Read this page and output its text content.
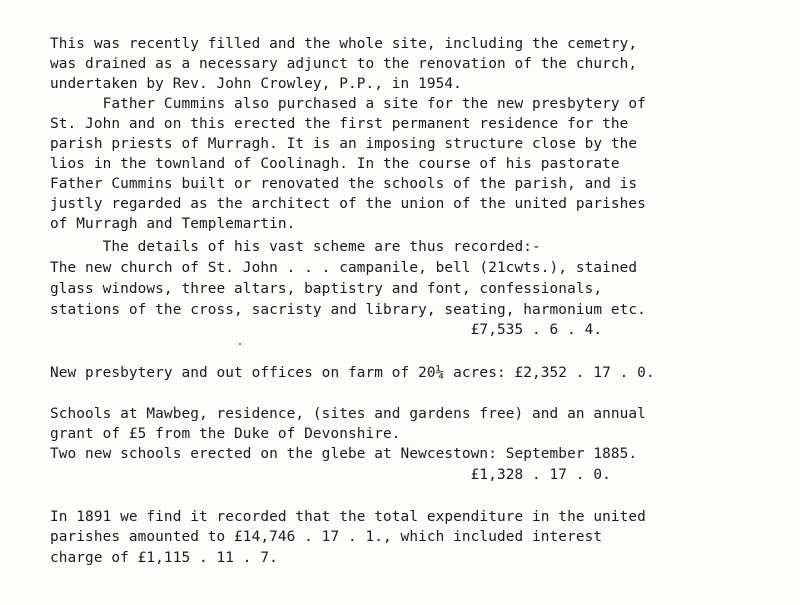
This was recently filled and the whole site, including the cemetry,

was drained as a necessary adjunct to the renovation of the church,

undertaken by Rev. John Crowley, P.P., in 1954.

Father Cummins also purchased a site for the new presbytery of

St. John and on this erected the first permanent residence for the

parish priests of Murragh. It is an imposing structure close by the

lios in the townland of Coolinagh. In the course of his pastorate

Father Cummins built or renovated the schools of the parish, and is

justly regarded as the architect of the union of the united parishes

of Murragh and Templemartin.

The details of his vast scheme are thus recorded:-

The new church of St. John . . . campanile, bell (21cwts.), stained

glass windows, three altars, baptistry and font, confessionals,

stations of the cross, sacristy and library, seating, harmonium etc.

£7,535 . 6 . 4.

New presbytery and out offices on farm of 20¼ acres: £2,352 . 17 . 0.

Schools at Mawbeg, residence, (sites and gardens free) and an annual

grant of £5 from the Duke of Devonshire.

Two new schools erected on the glebe at Newcestown: September 1885.

£1,328 . 17 . 0.

In 1891 we find it recorded that the total expenditure in the united

parishes amounted to £14,746 . 17 . 1., which included interest

charge of £1,115 . 11 . 7.
